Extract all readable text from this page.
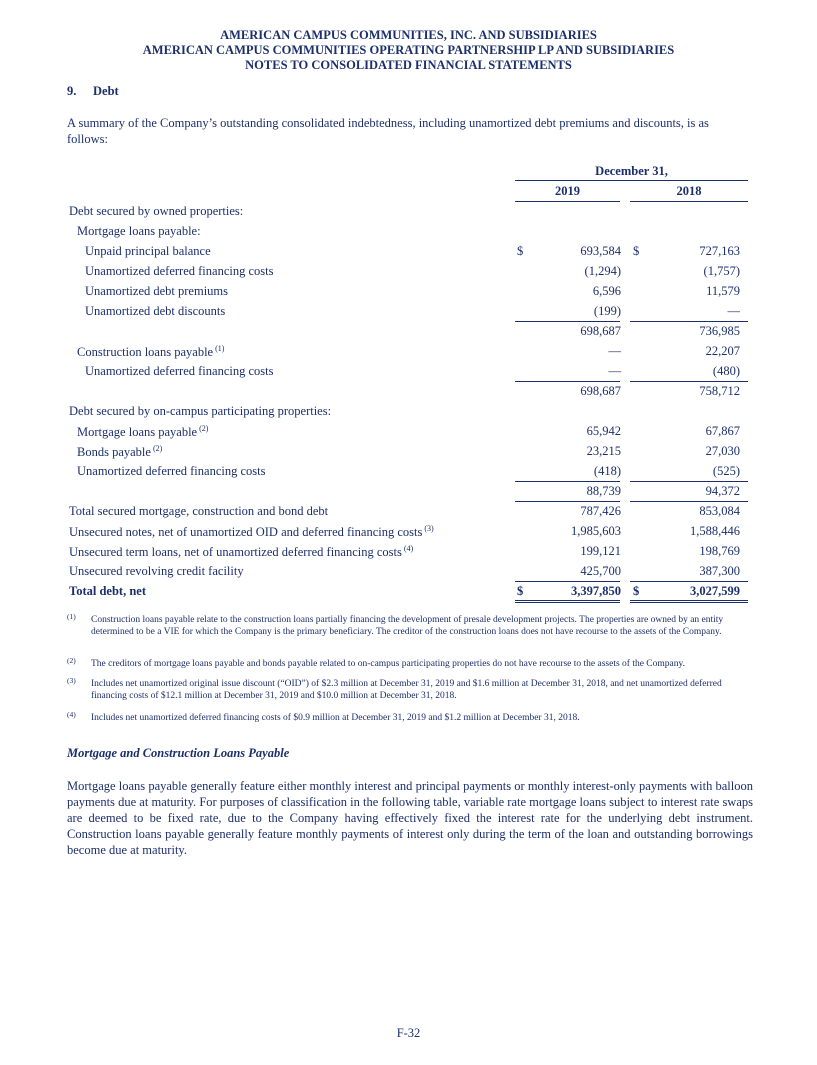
AMERICAN CAMPUS COMMUNITIES, INC. AND SUBSIDIARIES
AMERICAN CAMPUS COMMUNITIES OPERATING PARTNERSHIP LP AND SUBSIDIARIES
NOTES TO CONSOLIDATED FINANCIAL STATEMENTS
9. Debt
A summary of the Company’s outstanding consolidated indebtedness, including unamortized debt premiums and discounts, is as follows:
December 31,
2019	2018
Debt secured by owned properties:
Mortgage loans payable:
Unpaid principal balance	$	693,584 $	727,163
Unamortized deferred financing costs	(1,294)	(1,757)
Unamortized debt premiums	6,596	11,579
Unamortized debt discounts	(199)	—
698,687	736,985
Construction loans payable $^{(1)}$	—	22,207
Unamortized deferred financing costs	—	(480)
698,687	758,712
Debt secured by on-campus participating properties:
Mortgage loans payable $^{(2)}$	65,942	67,867
Bonds payable $^{(2)}$	23,215	27,030
Unamortized deferred financing costs	(418)	(525)
88,739	94,372
Total secured mortgage, construction and bond debt	787,426	853,084
Unsecured notes, net of unamortized OID and deferred financing costs $^{(3)}$	1,985,603	1,588,446
Unsecured term loans, net of unamortized deferred financing costs $^{(4)}$	199,121	198,769
Unsecured revolving credit facility	425,700	387,300
Total debt, net	$	3,397,850 $	3,027,599
(1) Construction loans payable relate to the construction loans partially financing the development of presale development projects. The properties are owned by an entity determined to be a VIE for which the Company is the primary beneficiary. The creditor of the construction loans does not have recourse to the assets of the Company.
(2) The creditors of mortgage loans payable and bonds payable related to on-campus participating properties do not have recourse to the assets of the Company.
(3) Includes net unamortized original issue discount (“OID”) of $2.3 million at December 31, 2019 and $1.6 million at December 31, 2018, and net unamortized deferred financing costs of $12.1 million at December 31, 2019 and $10.0 million at December 31, 2018.
(4) Includes net unamortized deferred financing costs of $0.9 million at December 31, 2019 and $1.2 million at December 31, 2018.
Mortgage and Construction Loans Payable
Mortgage loans payable generally feature either monthly interest and principal payments or monthly interest-only payments with balloon payments due at maturity. For purposes of classification in the following table, variable rate mortgage loans subject to interest rate swaps are deemed to be fixed rate, due to the Company having effectively fixed the interest rate for the underlying debt instrument. Construction loans payable generally feature monthly payments of interest only during the term of the loan and outstanding borrowings become due at maturity.
F-32
